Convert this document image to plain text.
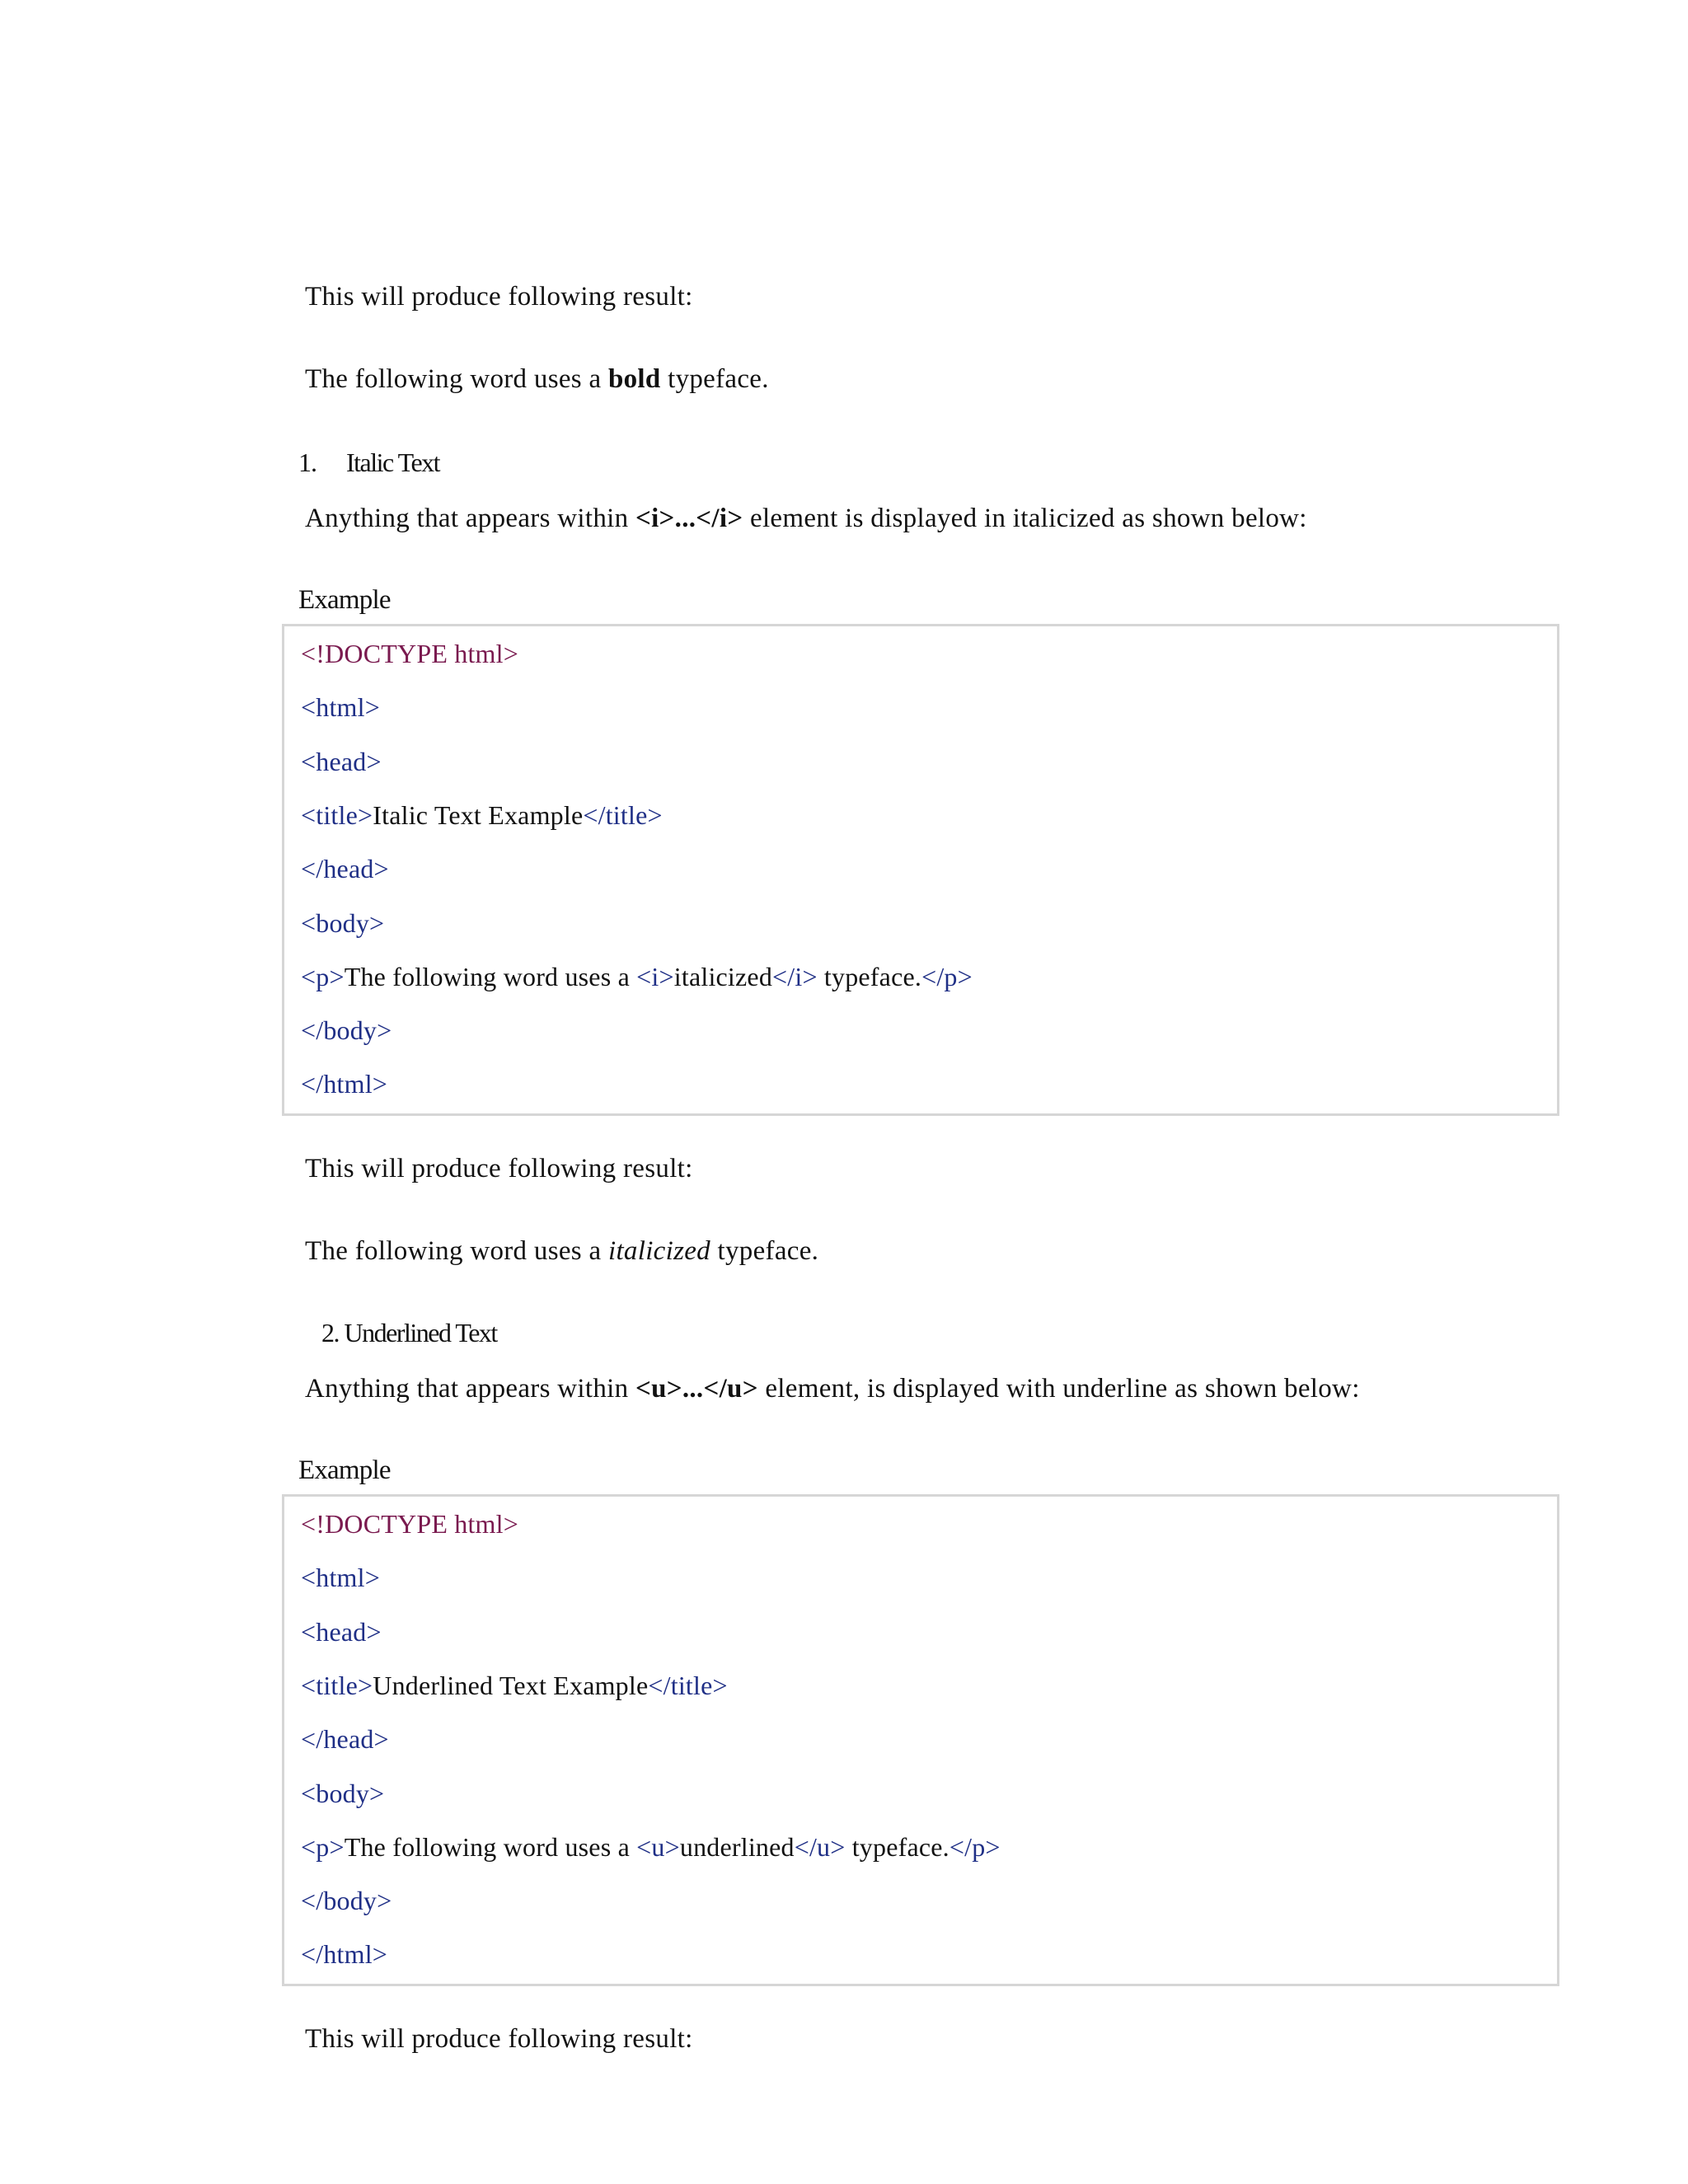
This will produce following result:
The following word uses a bold typeface.
1. Italic Text
Anything that appears within <i>...</i> element is displayed in italicized as shown below:
Example
<!DOCTYPE html>
<html>
<head>
<title>Italic Text Example</title>
</head>
<body>
<p>The following word uses a <i>italicized</i> typeface.</p>
</body>
</html>
This will produce following result:
The following word uses a italicized typeface.
2. Underlined Text
Anything that appears within <u>...</u> element, is displayed with underline as shown below:
Example
<!DOCTYPE html>
<html>
<head>
<title>Underlined Text Example</title>
</head>
<body>
<p>The following word uses a <u>underlined</u> typeface.</p>
</body>
</html>
This will produce following result:
